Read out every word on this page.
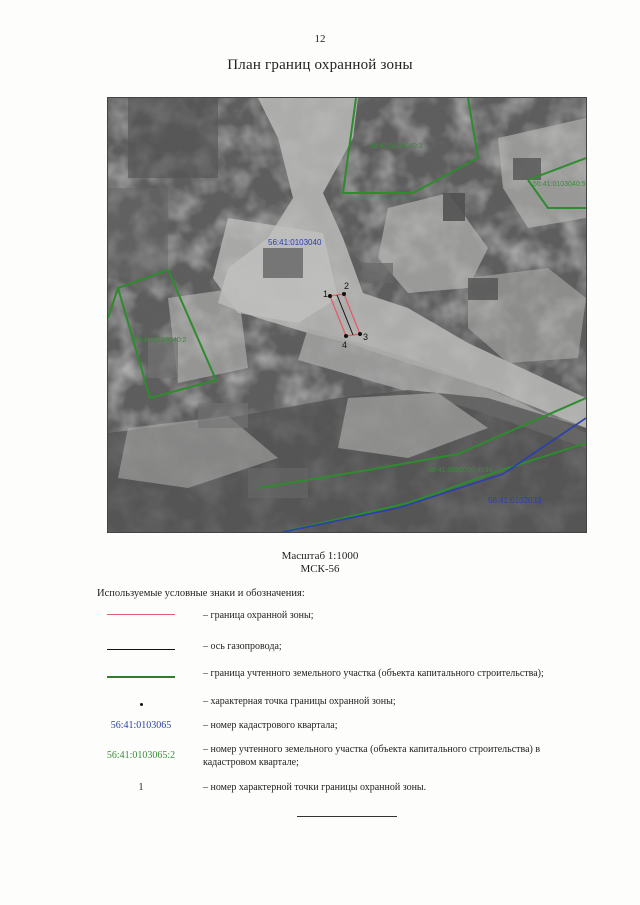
12
План границ охранной зоны
56:41:0103040
56:41:0102033
56:41:0103040:3
56:41:0103040:5
56:41:0103040:2
56:41:0000000:4034
1
2
3
4
Масштаб 1:1000
МСК-56
Используемые условные знаки и обозначения:
– граница охранной зоны;
– ось газопровода;
– граница учтенного земельного участка (объекта капитального строительства);
– характерная точка границы охранной зоны;
56:41:0103065	– номер кадастрового квартала;
56:41:0103065:2
– номер учтенного земельного участка (объекта капитального строительства) в кадастровом квартале;
1	– номер характерной точки границы охранной зоны.
